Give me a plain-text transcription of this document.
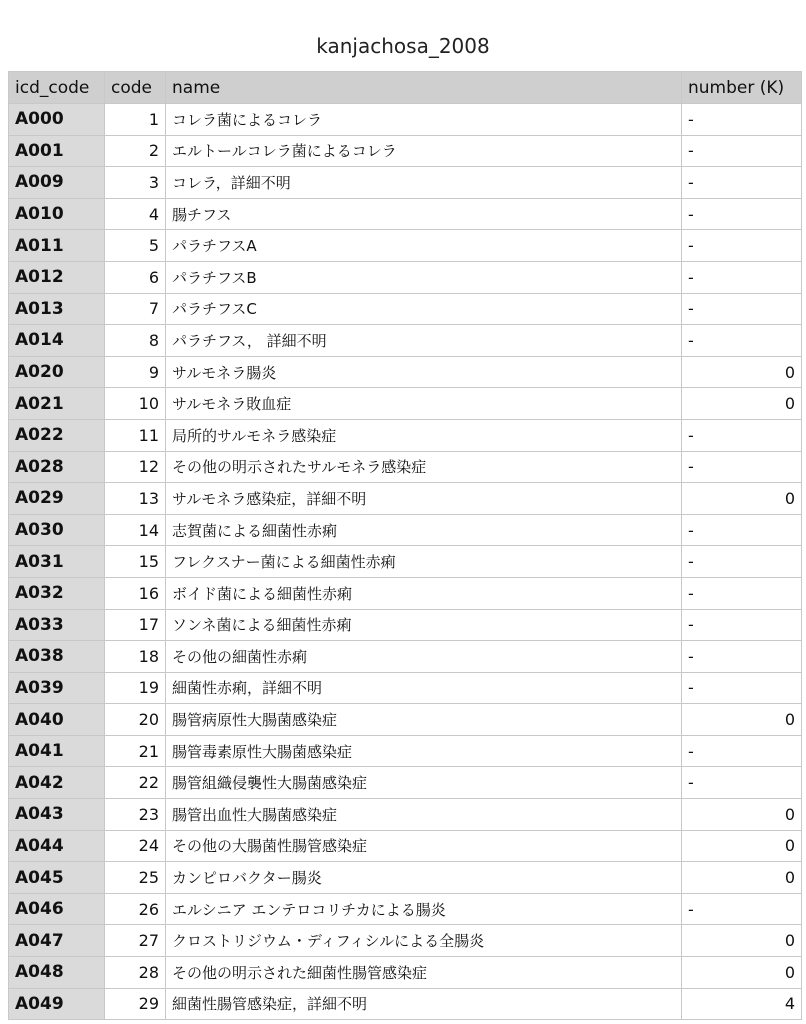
kanjachosa_2008
icd_code	code	name	number (K)
A000	1	コレラ菌によるコレラ	-
A001	2	エルトールコレラ菌によるコレラ	-
A009	3	コレラ，詳細不明	-
A010	4	腸チフス	-
A011	5	パラチフスA	-
A012	6	パラチフスB	-
A013	7	パラチフスC	-
A014	8	パラチフス， 詳細不明	-
A020	9	サルモネラ腸炎	0
A021	10	サルモネラ敗血症	0
A022	11	局所的サルモネラ感染症	-
A028	12	その他の明示されたサルモネラ感染症	-
A029	13	サルモネラ感染症，詳細不明	0
A030	14	志賀菌による細菌性赤痢	-
A031	15	フレクスナー菌による細菌性赤痢	-
A032	16	ボイド菌による細菌性赤痢	-
A033	17	ソンネ菌による細菌性赤痢	-
A038	18	その他の細菌性赤痢	-
A039	19	細菌性赤痢，詳細不明	-
A040	20	腸管病原性大腸菌感染症	0
A041	21	腸管毒素原性大腸菌感染症	-
A042	22	腸管組織侵襲性大腸菌感染症	-
A043	23	腸管出血性大腸菌感染症	0
A044	24	その他の大腸菌性腸管感染症	0
A045	25	カンピロバクター腸炎	0
A046	26	エルシニア エンテロコリチカによる腸炎	-
A047	27	クロストリジウム・ディフィシルによる全腸炎	0
A048	28	その他の明示された細菌性腸管感染症	0
A049	29	細菌性腸管感染症，詳細不明	4
